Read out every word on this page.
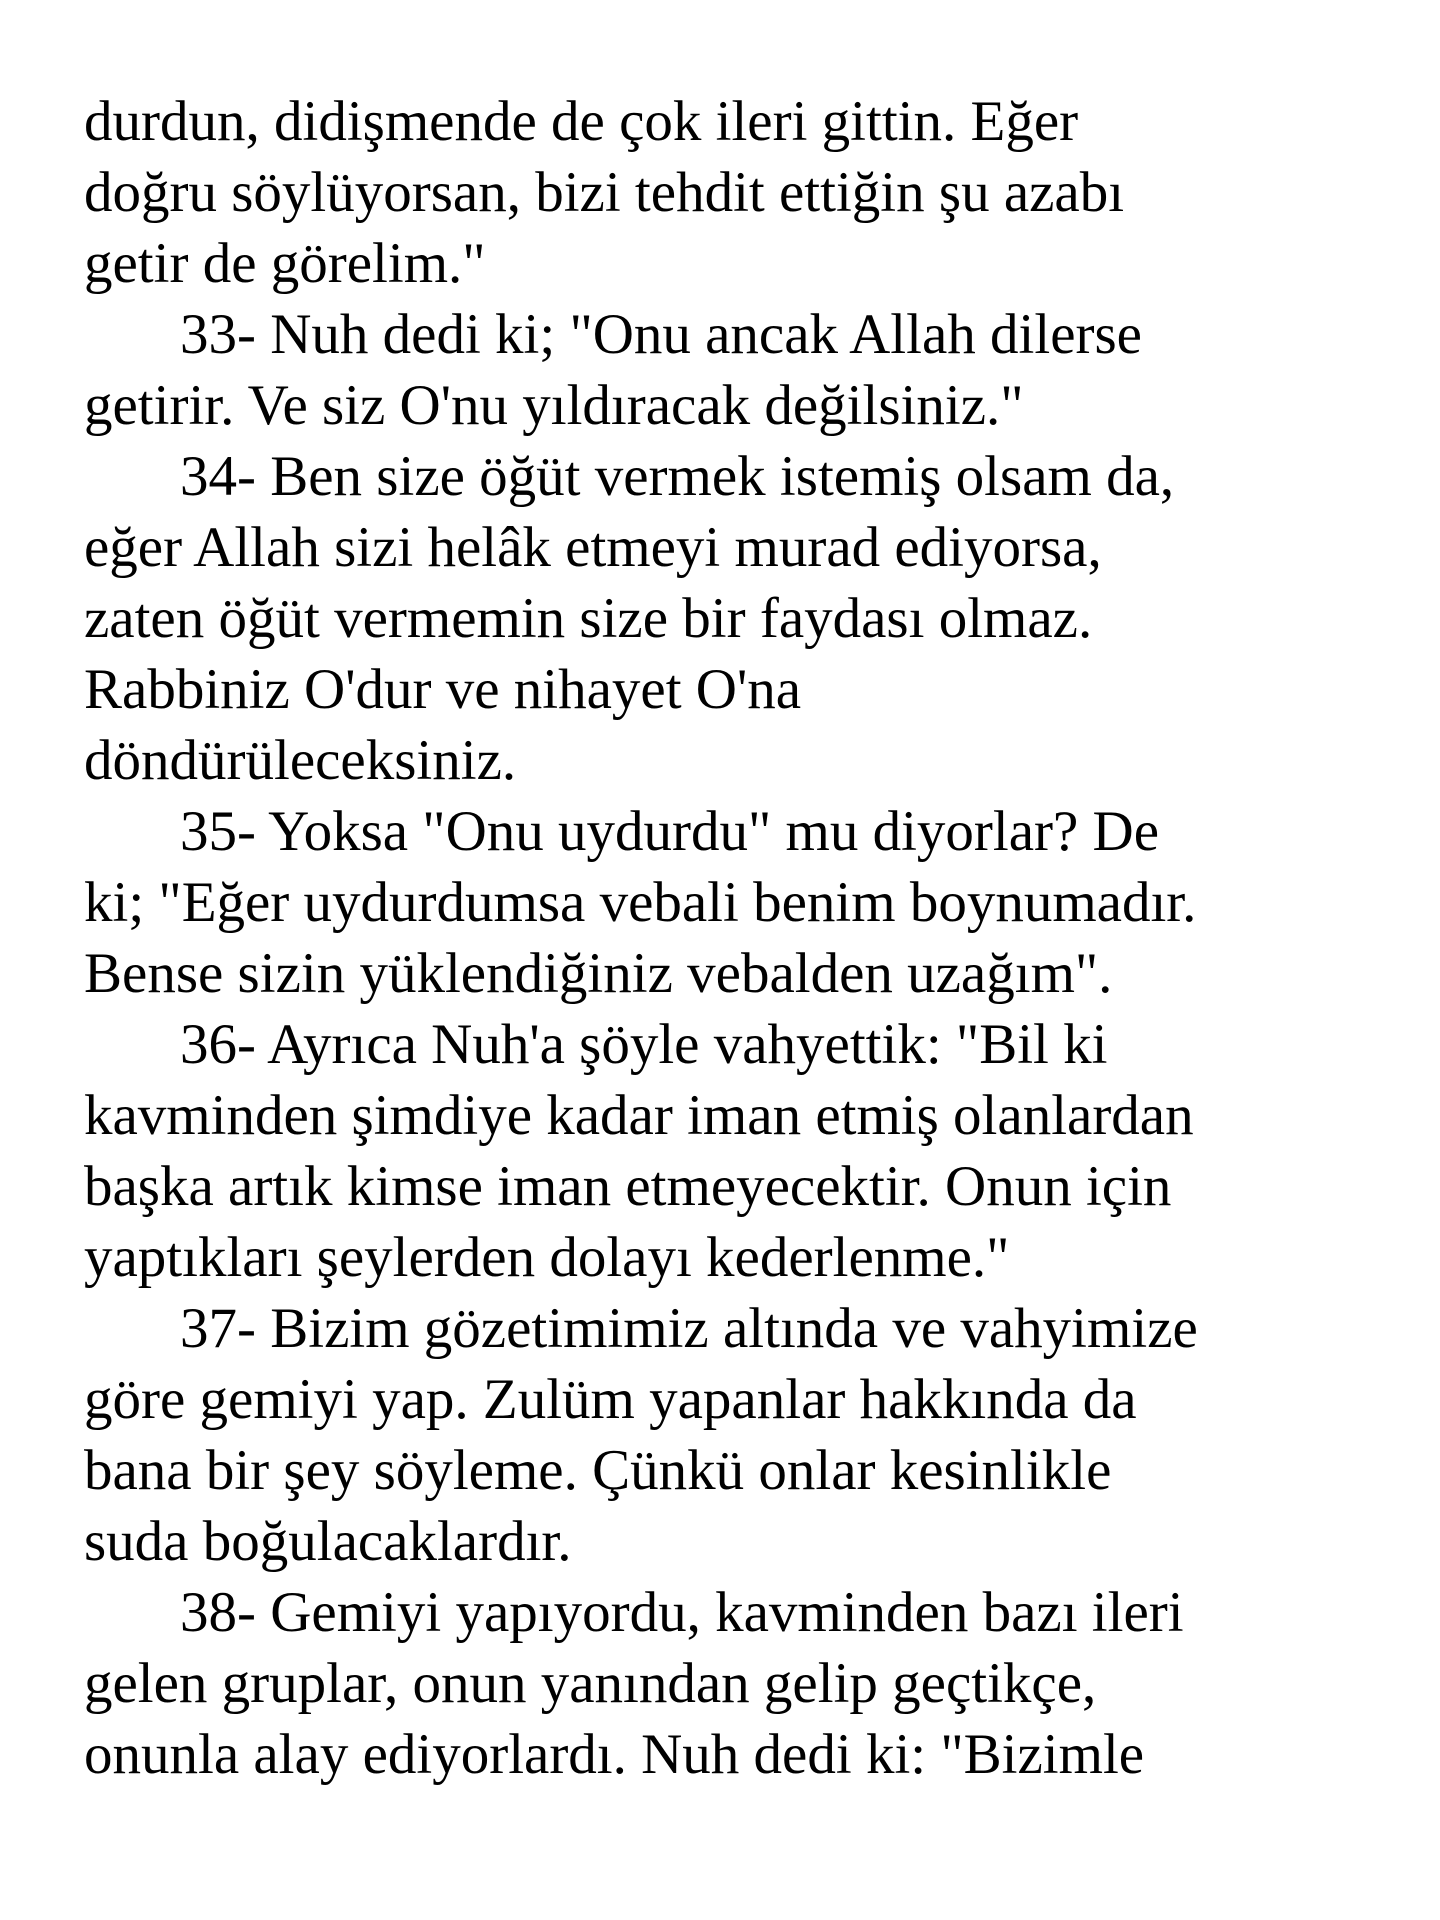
durdun, didişmende de çok ileri gittin. Eğer
doğru söylüyorsan, bizi tehdit ettiğin şu azabı
getir de görelim."
33- Nuh dedi ki; "Onu ancak Allah dilerse
getirir. Ve siz O'nu yıldıracak değilsiniz."
34- Ben size öğüt vermek istemiş olsam da,
eğer Allah sizi helâk etmeyi murad ediyorsa,
zaten öğüt vermemin size bir faydası olmaz.
Rabbiniz O'dur ve nihayet O'na
döndürüleceksiniz.
35- Yoksa "Onu uydurdu" mu diyorlar? De
ki; "Eğer uydurdumsa vebali benim boynumadır.
Bense sizin yüklendiğiniz vebalden uzağım".
36- Ayrıca Nuh'a şöyle vahyettik: "Bil ki
kavminden şimdiye kadar iman etmiş olanlardan
başka artık kimse iman etmeyecektir. Onun için
yaptıkları şeylerden dolayı kederlenme."
37- Bizim gözetimimiz altında ve vahyimize
göre gemiyi yap. Zulüm yapanlar hakkında da
bana bir şey söyleme. Çünkü onlar kesinlikle
suda boğulacaklardır.
38- Gemiyi yapıyordu, kavminden bazı ileri
gelen gruplar, onun yanından gelip geçtikçe,
onunla alay ediyorlardı. Nuh dedi ki: "Bizimle
